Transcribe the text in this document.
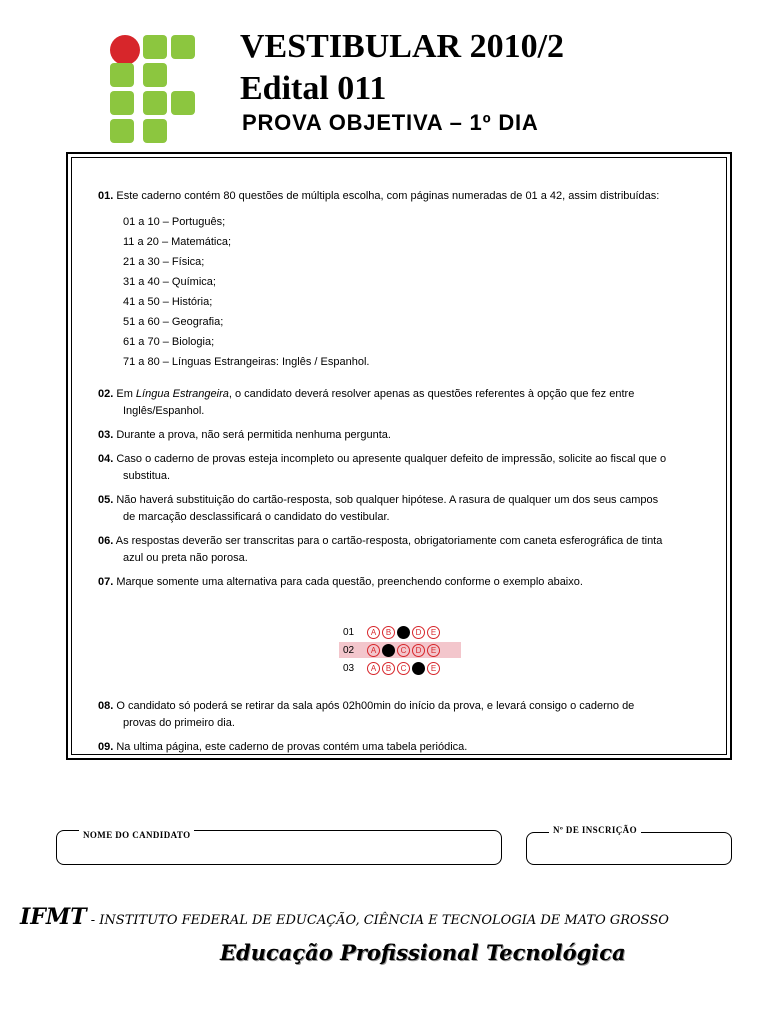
VESTIBULAR 2010/2
Edital 011
PROVA OBJETIVA – 1º DIA
01. Este caderno contém 80 questões de múltipla escolha, com páginas numeradas de 01 a 42, assim distribuídas:
01 a 10 – Português;
11 a 20 – Matemática;
21 a 30 – Física;
31 a 40 – Química;
41 a 50 – História;
51 a 60 – Geografia;
61 a 70 – Biologia;
71 a 80 – Línguas Estrangeiras: Inglês / Espanhol.
02. Em Língua Estrangeira, o candidato deverá resolver apenas as questões referentes à opção que fez entre
Inglês/Espanhol.
03. Durante a prova, não será permitida nenhuma pergunta.
04. Caso o caderno de provas esteja incompleto ou apresente qualquer defeito de impressão, solicite ao fiscal que o
substitua.
05. Não haverá substituição do cartão-resposta, sob qualquer hipótese. A rasura de qualquer um dos seus campos
de marcação desclassificará o candidato do vestibular.
06. As respostas deverão ser transcritas para o cartão-resposta, obrigatoriamente com caneta esferográfica de tinta
azul ou preta não porosa.
07. Marque somente uma alternativa para cada questão, preenchendo conforme o exemplo abaixo.
01	A	B	C	D	E
02	A	B	C	D	E
03	A	B	C	D	E
08. O candidato só poderá se retirar da sala após 02h00min do início da prova, e levará consigo o caderno de
provas do primeiro dia.
09. Na ultima página, este caderno de provas contém uma tabela periódica.
NOME DO CANDIDATO	Nº DE INSCRIÇÃO
IFMT - INSTITUTO FEDERAL DE EDUCAÇÃO, CIÊNCIA E TECNOLOGIA DE MATO GROSSO
Educação Profissional Tecnológica
